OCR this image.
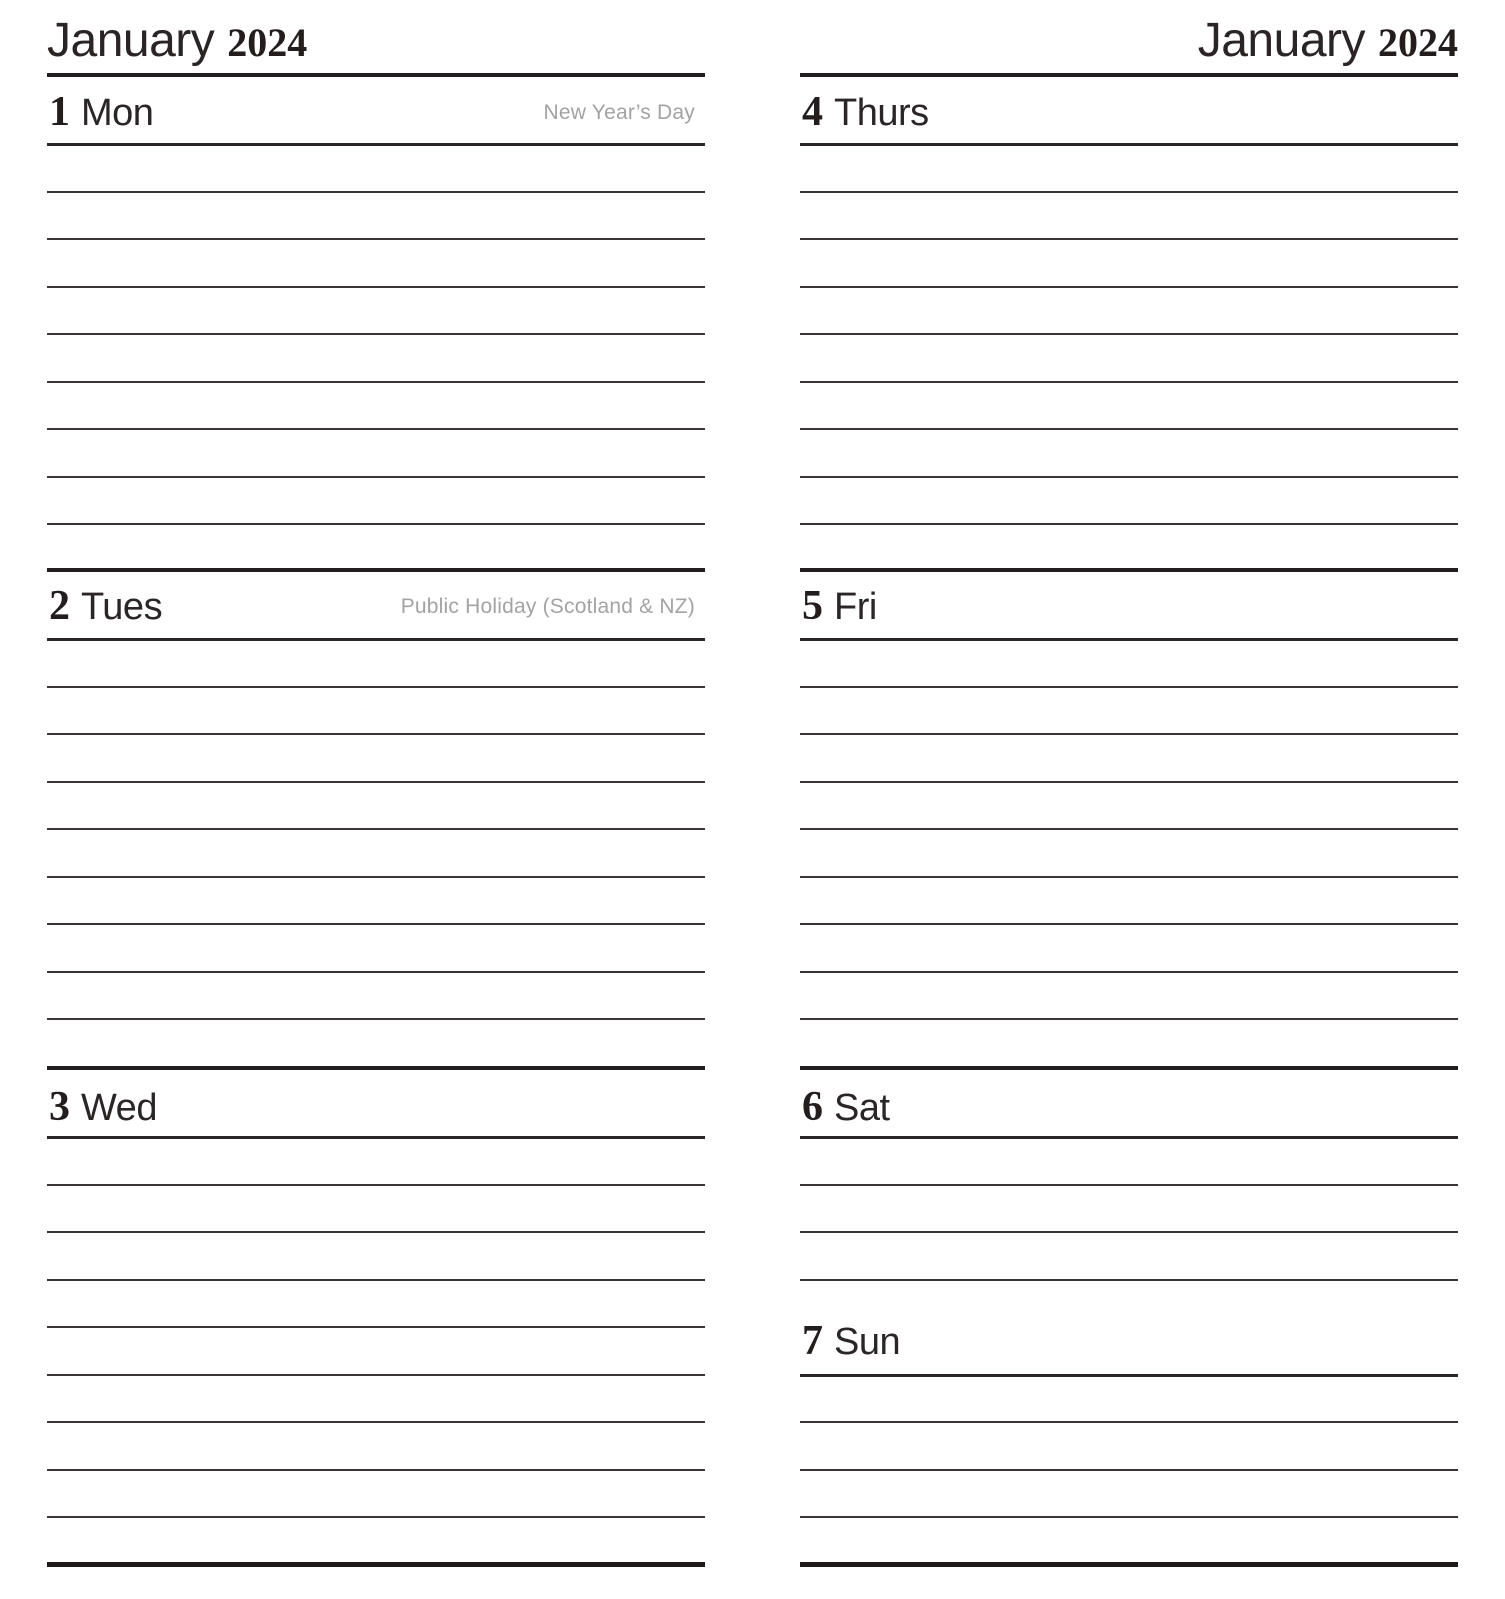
January 2024
1 Mon	New Year’s Day
2 Tues	Public Holiday (Scotland & NZ)
3 Wed
January 2024
4 Thurs
5 Fri
6 Sat
7 Sun
